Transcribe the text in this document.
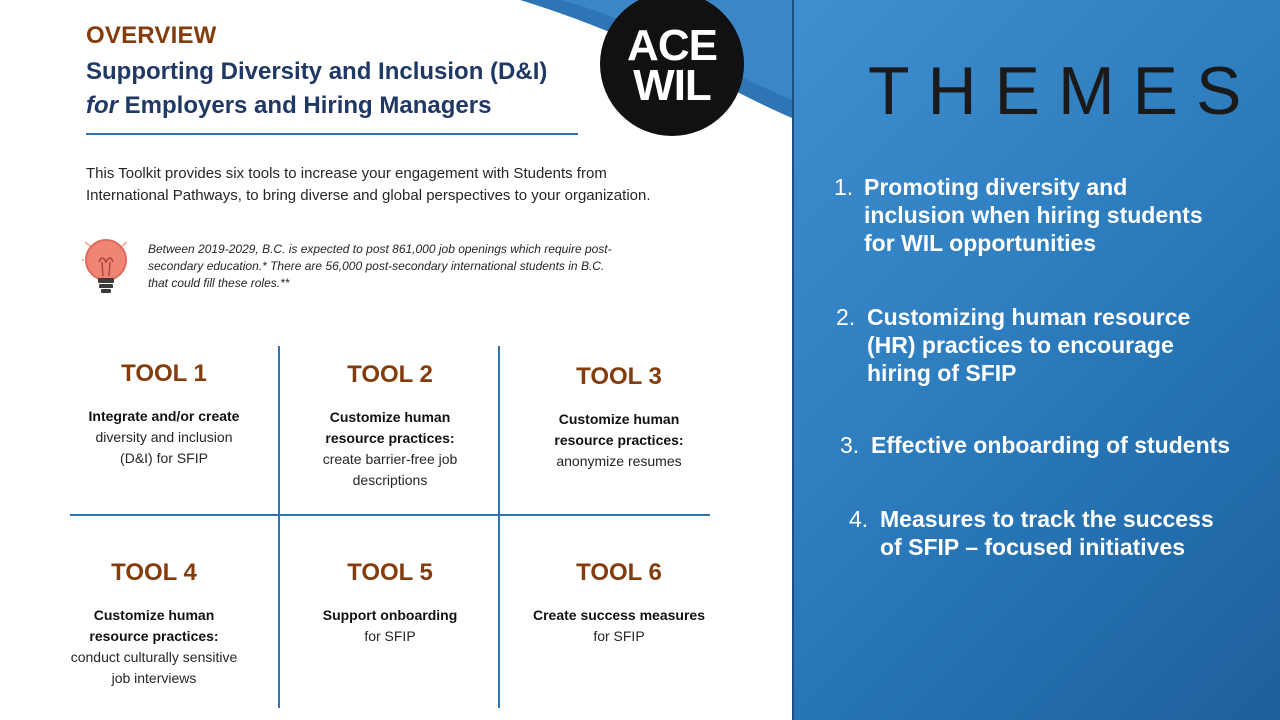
OVERVIEW
Supporting Diversity and Inclusion (D&I)
for Employers and Hiring Managers
ACE
WIL

This Toolkit provides six tools to increase your engagement with Students from
International Pathways, to bring diverse and global perspectives to your organization.

Between 2019-2029, B.C. is expected to post 861,000 job openings which require post-
secondary education.* There are 56,000 post-secondary international students in B.C.
that could fill these roles.**

TOOL 1
Integrate and/or create
diversity and inclusion
(D&I) for SFIP
TOOL 2
Customize human
resource practices:
create barrier-free job
descriptions
TOOL 3
Customize human
resource practices:
anonymize resumes
TOOL 4
Customize human
resource practices:
conduct culturally sensitive
job interviews
TOOL 5
Support onboarding
for SFIP
TOOL 6
Create success measures
for SFIP
THEMES
1. Promoting diversity and
inclusion when hiring students
for WIL opportunities
2. Customizing human resource
(HR) practices to encourage
hiring of SFIP
3. Effective onboarding of students
4. Measures to track the success
of SFIP – focused initiatives
